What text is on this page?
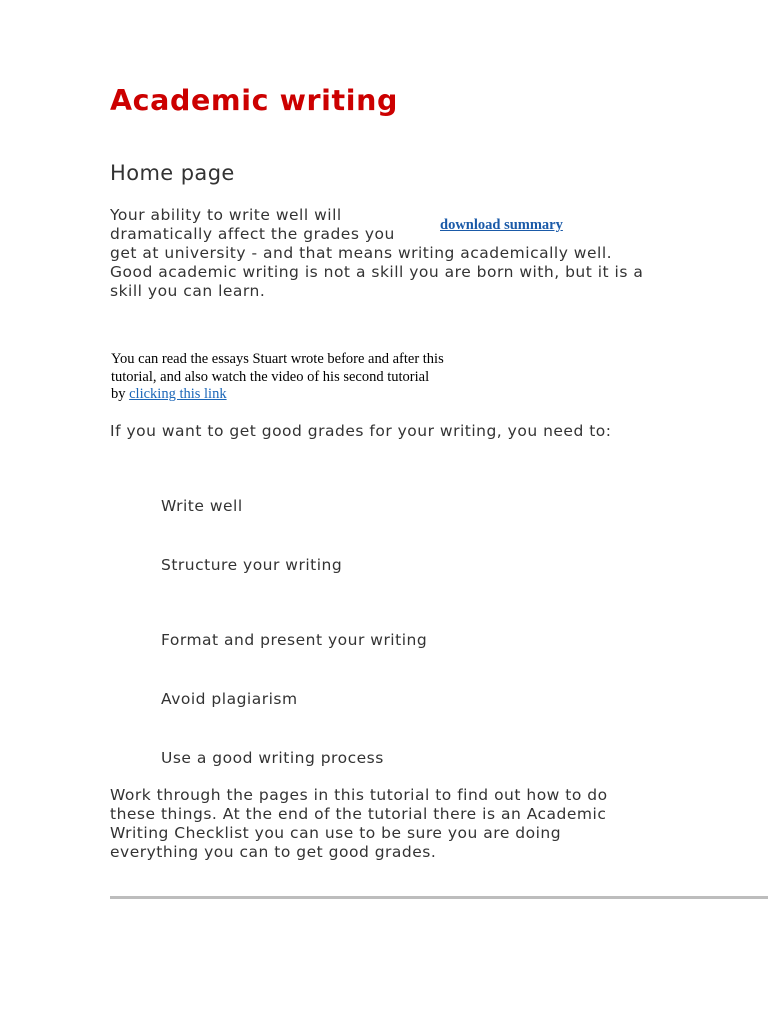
Academic writing
Home page
Your ability to write well will
dramatically affect the grades you
get at university - and that means writing academically well.
Good academic writing is not a skill you are born with, but it is a
skill you can learn.
download summary
You can read the essays Stuart wrote before and after this
tutorial, and also watch the video of his second tutorial
by clicking this link
If you want to get good grades for your writing, you need to:
Write well
Structure your writing
Format and present your writing
Avoid plagiarism
Use a good writing process
Work through the pages in this tutorial to find out how to do
these things. At the end of the tutorial there is an Academic
Writing Checklist you can use to be sure you are doing
everything you can to get good grades.
